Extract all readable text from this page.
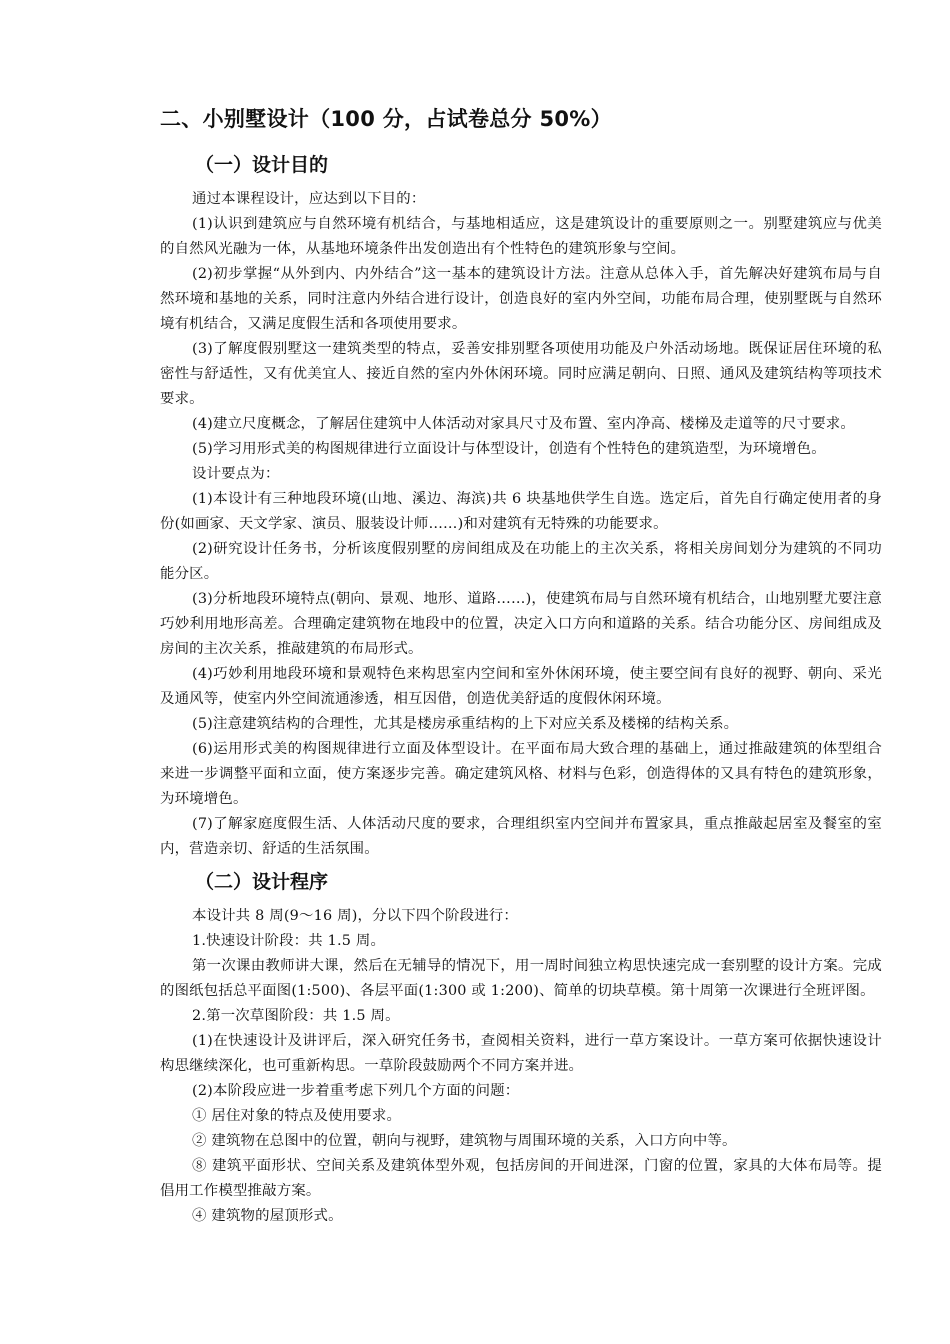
二、小别墅设计（100 分，占试卷总分 50%）
（一）设计目的

通过本课程设计，应达到以下目的：

(1)认识到建筑应与自然环境有机结合，与基地相适应，这是建筑设计的重要原则之一。别墅建筑应与优美的自然风光融为一体，从基地环境条件出发创造出有个性特色的建筑形象与空间。

(2)初步掌握“从外到内、内外结合”这一基本的建筑设计方法。注意从总体入手，首先解决好建筑布局与自然环境和基地的关系，同时注意内外结合进行设计，创造良好的室内外空间，功能布局合理，使别墅既与自然环境有机结合，又满足度假生活和各项使用要求。

(3)了解度假别墅这一建筑类型的特点，妥善安排别墅各项使用功能及户外活动场地。既保证居住环境的私密性与舒适性，又有优美宜人、接近自然的室内外休闲环境。同时应满足朝向、日照、通风及建筑结构等项技术要求。

(4)建立尺度概念，了解居住建筑中人体活动对家具尺寸及布置、室内净高、楼梯及走道等的尺寸要求。

(5)学习用形式美的构图规律进行立面设计与体型设计，创造有个性特色的建筑造型，为环境增色。

设计要点为：

(1)本设计有三种地段环境(山地、溪边、海滨)共 6 块基地供学生自选。选定后，首先自行确定使用者的身份(如画家、天文学家、演员、服装设计师……)和对建筑有无特殊的功能要求。

(2)研究设计任务书，分析该度假别墅的房间组成及在功能上的主次关系，将相关房间划分为建筑的不同功能分区。

(3)分析地段环境特点(朝向、景观、地形、道路……)，使建筑布局与自然环境有机结合，山地别墅尤要注意巧妙利用地形高差。合理确定建筑物在地段中的位置，决定入口方向和道路的关系。结合功能分区、房间组成及房间的主次关系，推敲建筑的布局形式。

(4)巧妙利用地段环境和景观特色来构思室内空间和室外休闲环境，使主要空间有良好的视野、朝向、采光及通风等，使室内外空间流通渗透，相互因借，创造优美舒适的度假休闲环境。

(5)注意建筑结构的合理性，尤其是楼房承重结构的上下对应关系及楼梯的结构关系。

(6)运用形式美的构图规律进行立面及体型设计。在平面布局大致合理的基础上，通过推敲建筑的体型组合来进一步调整平面和立面，使方案逐步完善。确定建筑风格、材料与色彩，创造得体的又具有特色的建筑形象，为环境增色。

(7)了解家庭度假生活、人体活动尺度的要求，合理组织室内空间并布置家具，重点推敲起居室及餐室的室内，营造亲切、舒适的生活氛围。

（二）设计程序

本设计共 8 周(9～16 周)，分以下四个阶段进行：

1.快速设计阶段：共 1.5 周。

第一次课由教师讲大课，然后在无辅导的情况下，用一周时间独立构思快速完成一套别墅的设计方案。完成的图纸包括总平面图(1:500)、各层平面(1:300 或 1:200)、简单的切块草模。第十周第一次课进行全班评图。

2.第一次草图阶段：共 1.5 周。

(1)在快速设计及讲评后，深入研究任务书，查阅相关资料，进行一草方案设计。一草方案可依据快速设计构思继续深化，也可重新构思。一草阶段鼓励两个不同方案并进。

(2)本阶段应进一步着重考虑下列几个方面的问题：

① 居住对象的特点及使用要求。

② 建筑物在总图中的位置，朝向与视野，建筑物与周围环境的关系，入口方向中等。

⑧ 建筑平面形状、空间关系及建筑体型外观，包括房间的开间进深，门窗的位置，家具的大体布局等。提倡用工作模型推敲方案。

④ 建筑物的屋顶形式。
